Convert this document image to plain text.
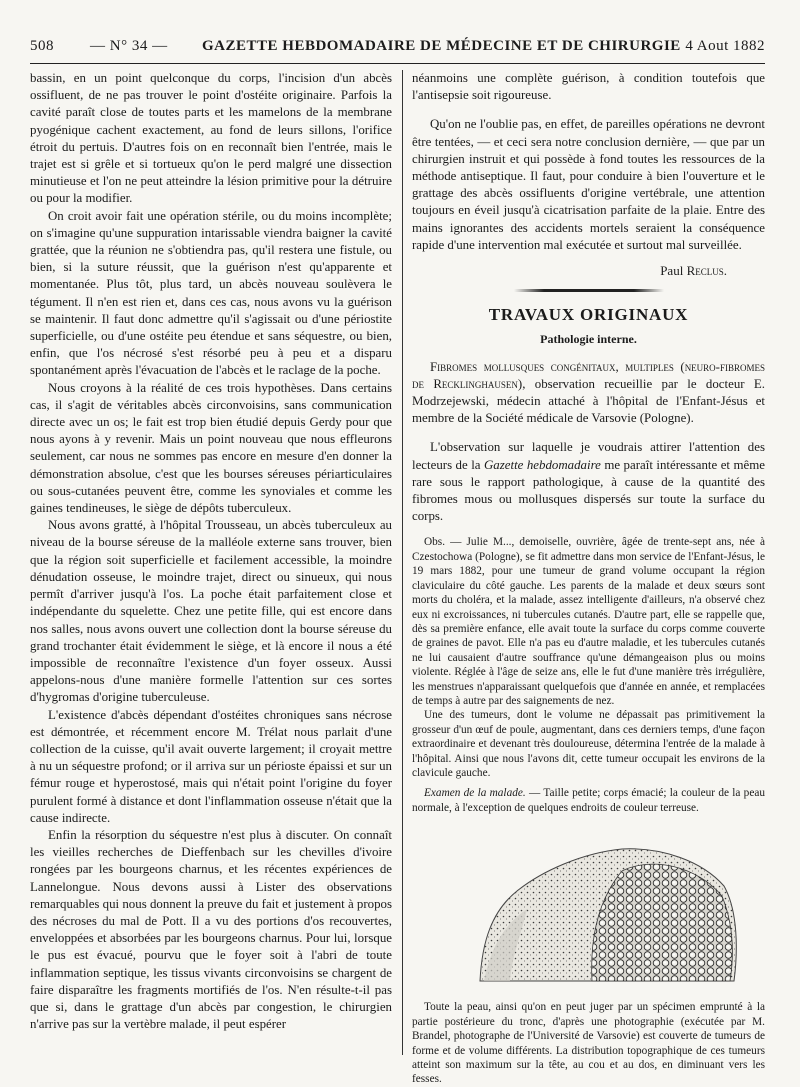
508 — N° 34 — GAZETTE HEBDOMADAIRE DE MÉDECINE ET DE CHIRURGIE 4 Aout 1882

bassin, en un point quelconque du corps, l'incision d'un abcès ossifluent, de ne pas trouver le point d'ostéite originaire. Parfois la cavité paraît close de toutes parts et les mamelons de la membrane pyogénique cachent exactement, au fond de leurs sillons, l'orifice étroit du pertuis. D'autres fois on en reconnaît bien l'entrée, mais le trajet est si grêle et si tortueux qu'on le perd malgré une dissection minutieuse et l'on ne peut atteindre la lésion primitive pour la détruire ou pour la modifier.

On croit avoir fait une opération stérile, ou du moins incomplète; on s'imagine qu'une suppuration intarissable viendra baigner la cavité grattée, que la réunion ne s'obtiendra pas, qu'il restera une fistule, ou bien, si la suture réussit, que la guérison n'est qu'apparente et momentanée. Plus tôt, plus tard, un abcès nouveau soulèvera le tégument. Il n'en est rien et, dans ces cas, nous avons vu la guérison se maintenir. Il faut donc admettre qu'il s'agissait ou d'une périostite superficielle, ou d'une ostéite peu étendue et sans séquestre, ou bien, enfin, que l'os nécrosé s'est résorbé peu à peu et a disparu spontanément après l'évacuation de l'abcès et le raclage de la poche.

Nous croyons à la réalité de ces trois hypothèses. Dans certains cas, il s'agit de véritables abcès circonvoisins, sans communication directe avec un os; le fait est trop bien étudié depuis Gerdy pour que nous ayons à y revenir. Mais un point nouveau que nous effleurons seulement, car nous ne sommes pas encore en mesure d'en donner la démonstration absolue, c'est que les bourses séreuses périarticulaires ou sous-cutanées peuvent être, comme les synoviales et comme les gaines tendineuses, le siège de dépôts tuberculeux.

Nous avons gratté, à l'hôpital Trousseau, un abcès tuberculeux au niveau de la bourse séreuse de la malléole externe sans trouver, bien que la région soit superficielle et facilement accessible, la moindre dénudation osseuse, le moindre trajet, direct ou sinueux, qui nous permît d'arriver jusqu'à l'os. La poche était parfaitement close et indépendante du squelette. Chez une petite fille, qui est encore dans nos salles, nous avons ouvert une collection dont la bourse séreuse du grand trochanter était évidemment le siège, et là encore il nous a été impossible de reconnaître l'existence d'un foyer osseux. Aussi appelons-nous d'une manière formelle l'attention sur ces sortes d'hygromas d'origine tuberculeuse.

L'existence d'abcès dépendant d'ostéites chroniques sans nécrose est démontrée, et récemment encore M. Trélat nous parlait d'une collection de la cuisse, qu'il avait ouverte largement; il croyait mettre à nu un séquestre profond; or il arriva sur un périoste épaissi et sur un fémur rouge et hyperostosé, mais qui n'était point l'origine du foyer purulent formé à distance et dont l'inflammation osseuse n'était que la cause indirecte.

Enfin la résorption du séquestre n'est plus à discuter. On connaît les vieilles recherches de Dieffenbach sur les chevilles d'ivoire rongées par les bourgeons charnus, et les récentes expériences de Lannelongue. Nous devons aussi à Lister des observations remarquables qui nous donnent la preuve du fait et justement à propos des nécroses du mal de Pott. Il a vu des portions d'os recouvertes, enveloppées et absorbées par les bourgeons charnus. Pour lui, lorsque le pus est évacué, pourvu que le foyer soit à l'abri de toute inflammation septique, les tissus vivants circonvoisins se chargent de faire disparaître les fragments mortifiés de l'os. N'en résulte-t-il pas que si, dans le grattage d'un abcès par congestion, le chirurgien n'arrive pas sur la vertèbre malade, il peut espérer

néanmoins une complète guérison, à condition toutefois que l'antisepsie soit rigoureuse.

Qu'on ne l'oublie pas, en effet, de pareilles opérations ne devront être tentées, — et ceci sera notre conclusion dernière, — que par un chirurgien instruit et qui possède à fond toutes les ressources de la méthode antiseptique. Il faut, pour conduire à bien l'ouverture et le grattage des abcès ossifluents d'origine vertébrale, une attention toujours en éveil jusqu'à cicatrisation parfaite de la plaie. Entre des mains ignorantes des accidents mortels seraient la conséquence rapide d'une intervention mal exécutée et surtout mal surveillée.

Paul Reclus.
TRAVAUX ORIGINAUX
Pathologie interne.

Fibromes mollusques congénitaux, multiples (neuro-fibromes de Recklinghausen), observation recueillie par le docteur E. Modrzejewski, médecin attaché à l'hôpital de l'Enfant-Jésus et membre de la Société médicale de Varsovie (Pologne).

L'observation sur laquelle je voudrais attirer l'attention des lecteurs de la Gazette hebdomadaire me paraît intéressante et même rare sous le rapport pathologique, à cause de la quantité des fibromes mous ou mollusques dispersés sur toute la surface du corps.

Obs. — Julie M..., demoiselle, ouvrière, âgée de trente-sept ans, née à Czestochowa (Pologne), se fit admettre dans mon service de l'Enfant-Jésus, le 19 mars 1882, pour une tumeur de grand volume occupant la région claviculaire du côté gauche. Les parents de la malade et deux sœurs sont morts du choléra, et la malade, assez intelligente d'ailleurs, n'a observé chez eux ni excroissances, ni tubercules cutanés. D'autre part, elle se rappelle que, dès sa première enfance, elle avait toute la surface du corps comme couverte de graines de pavot. Elle n'a pas eu d'autre maladie, et les tubercules cutanés ne lui causaient d'autre souffrance qu'une démangeaison plus ou moins violente. Réglée à l'âge de seize ans, elle le fut d'une manière très irrégulière, les menstrues n'apparaissant quelquefois que d'année en année, et remplacées de temps à autre par des saignements de nez.

Une des tumeurs, dont le volume ne dépassait pas primitivement la grosseur d'un œuf de poule, augmentant, dans ces derniers temps, d'une façon extraordinaire et devenant très douloureuse, détermina l'entrée de la malade à l'hôpital. Ainsi que nous l'avons dit, cette tumeur occupait les environs de la clavicule gauche.

Examen de la malade. — Taille petite; corps émacié; la couleur de la peau normale, à l'exception de quelques endroits de couleur terreuse.

Toute la peau, ainsi qu'on en peut juger par un spécimen emprunté à la partie postérieure du tronc, d'après une photographie (exécutée par M. Brandel, photographe de l'Université de Varsovie) est couverte de tumeurs de forme et de volume différents. La distribution topographique de ces tumeurs atteint son maximum sur la tête, au cou et au dos, en diminuant vers les fesses.
